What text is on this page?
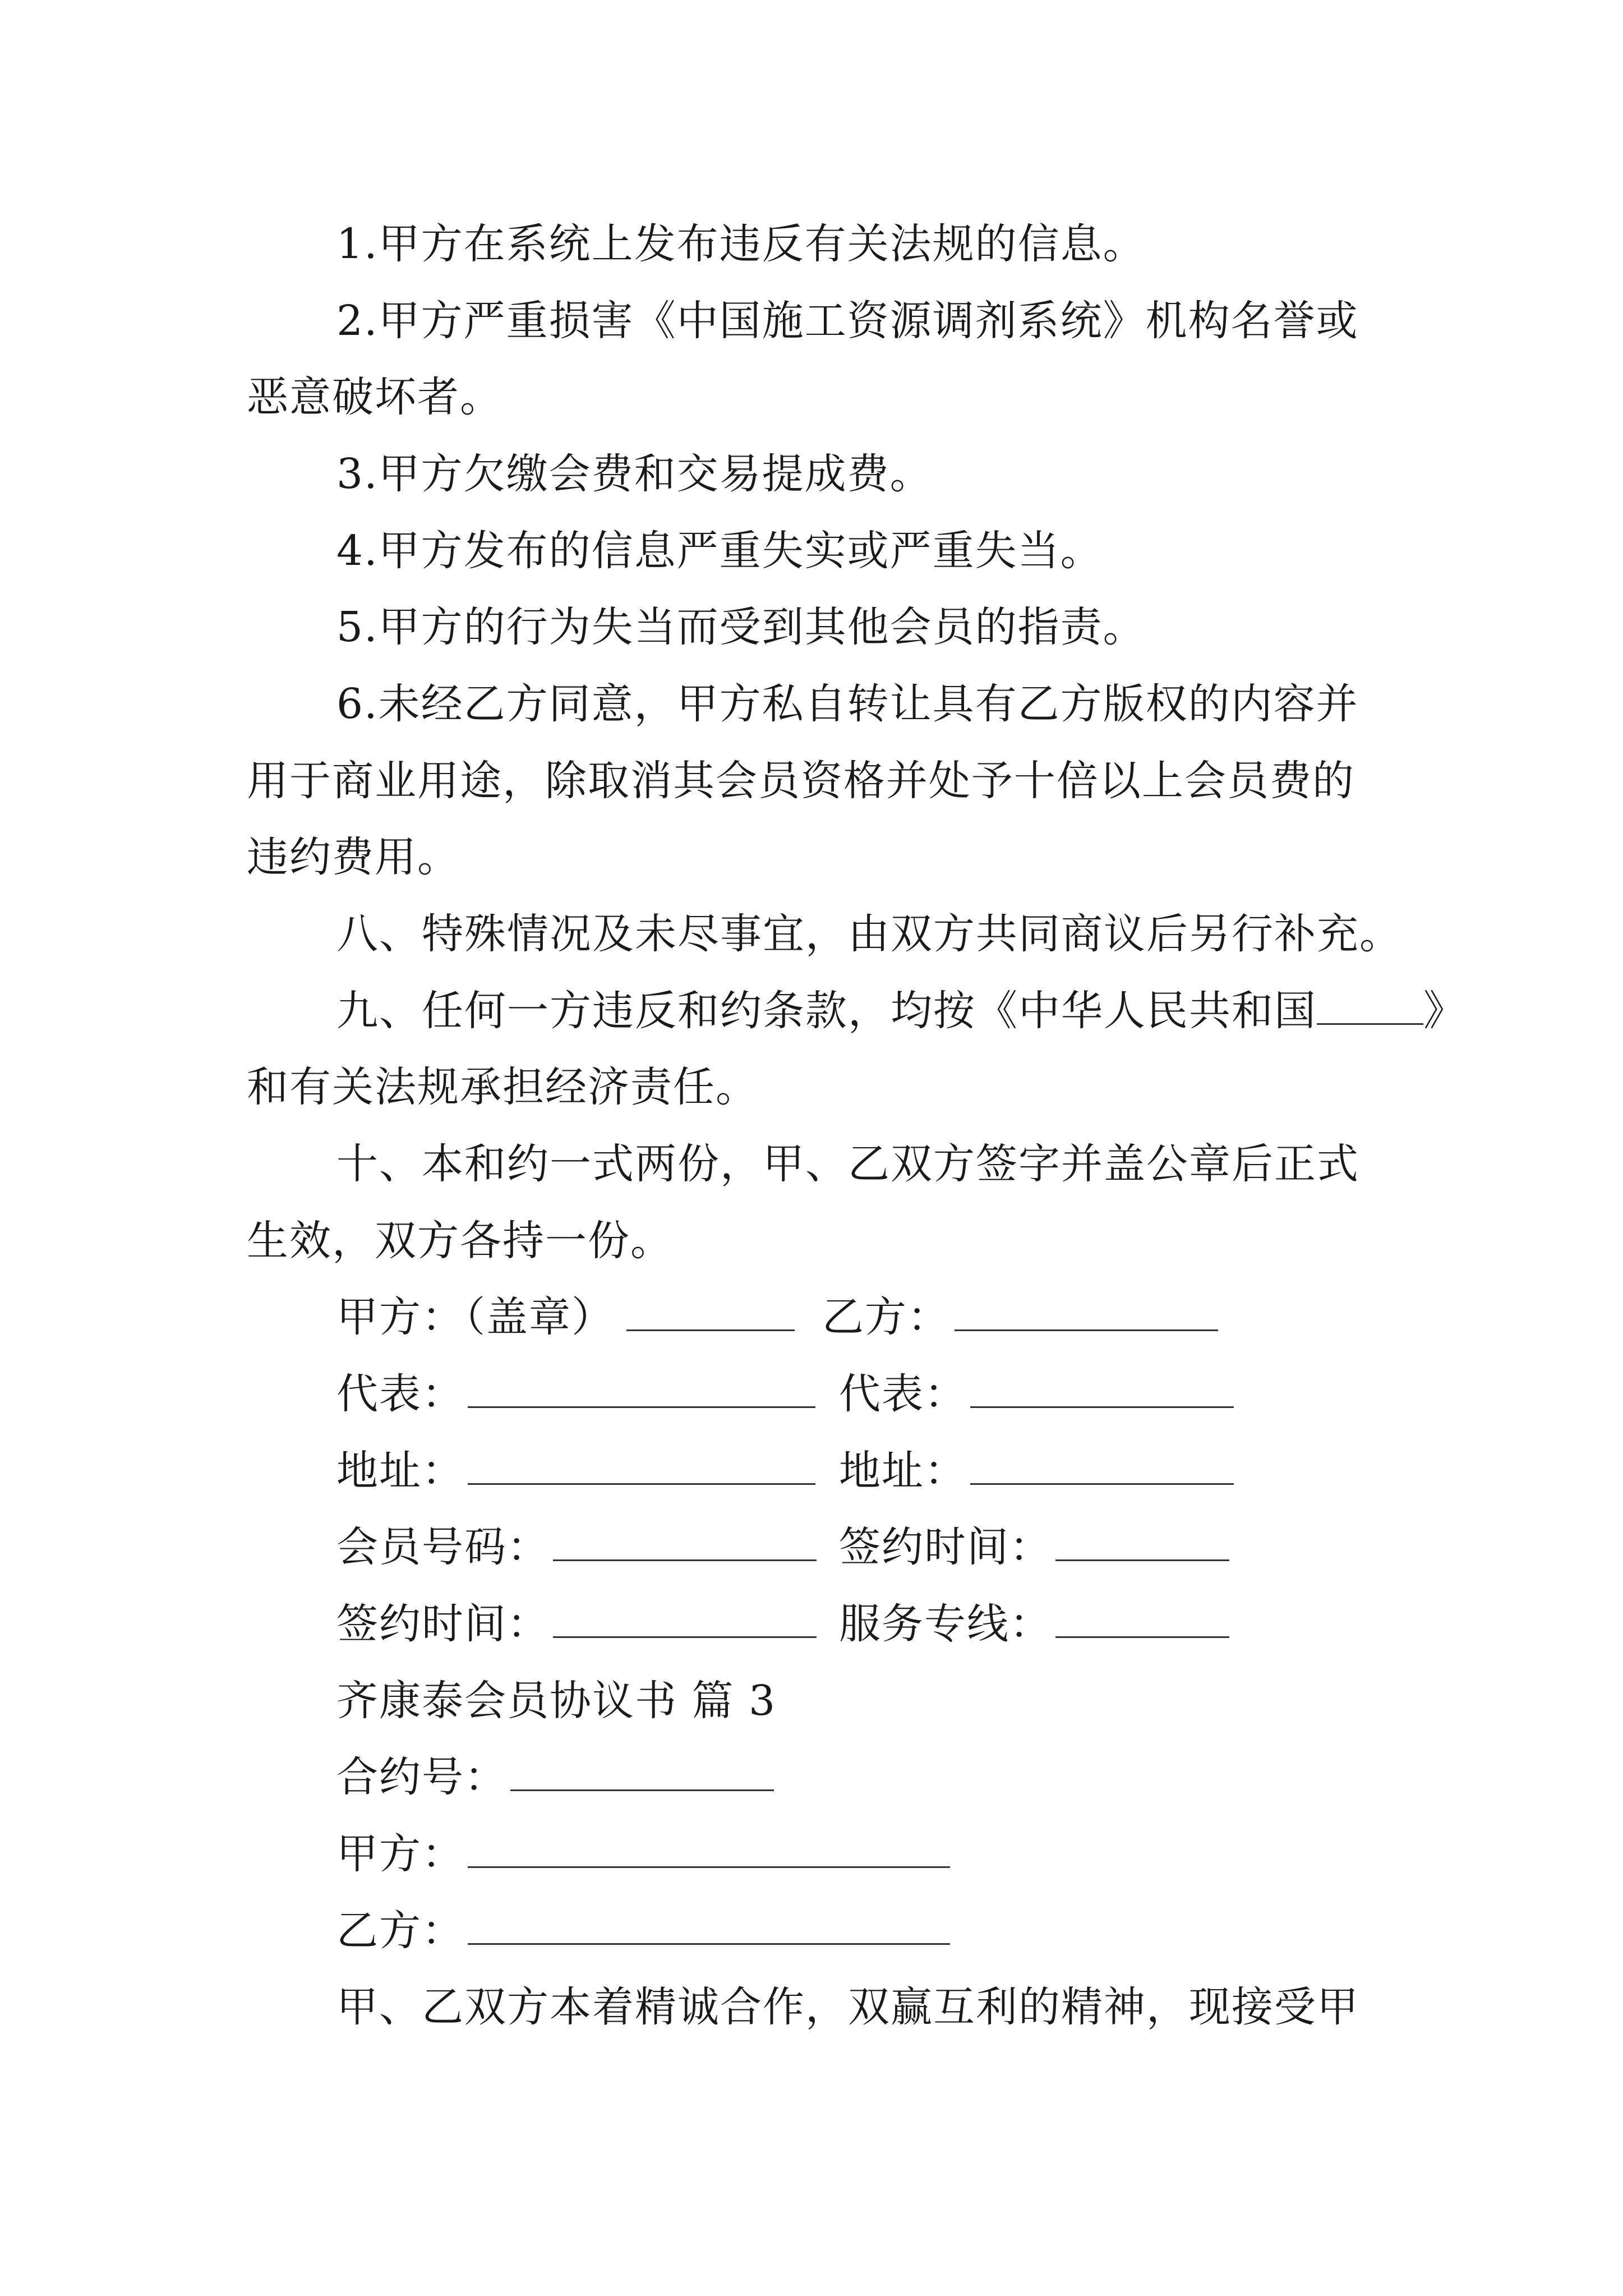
1.甲方在系统上发布违反有关法规的信息。
2.甲方严重损害《中国施工资源调剂系统》机构名誉或
恶意破坏者。
3.甲方欠缴会费和交易提成费。
4.甲方发布的信息严重失实或严重失当。
5.甲方的行为失当而受到其他会员的指责。
6.未经乙方同意，甲方私自转让具有乙方版权的内容并
用于商业用途，除取消其会员资格并处予十倍以上会员费的
违约费用。
八、特殊情况及未尽事宜，由双方共同商议后另行补充。
九、任何一方违反和约条款，均按《中华人民共和国	》
和有关法规承担经济责任。
十、本和约一式两份，甲、乙双方签字并盖公章后正式
生效，双方各持一份。
甲方：（盖章）	乙方：
代表：	代表：
地址：	地址：
会员号码：	签约时间：
签约时间：	服务专线：
齐康泰会员协议书 篇 3
合约号：
甲方：
乙方：
甲、乙双方本着精诚合作，双赢互利的精神，现接受甲
